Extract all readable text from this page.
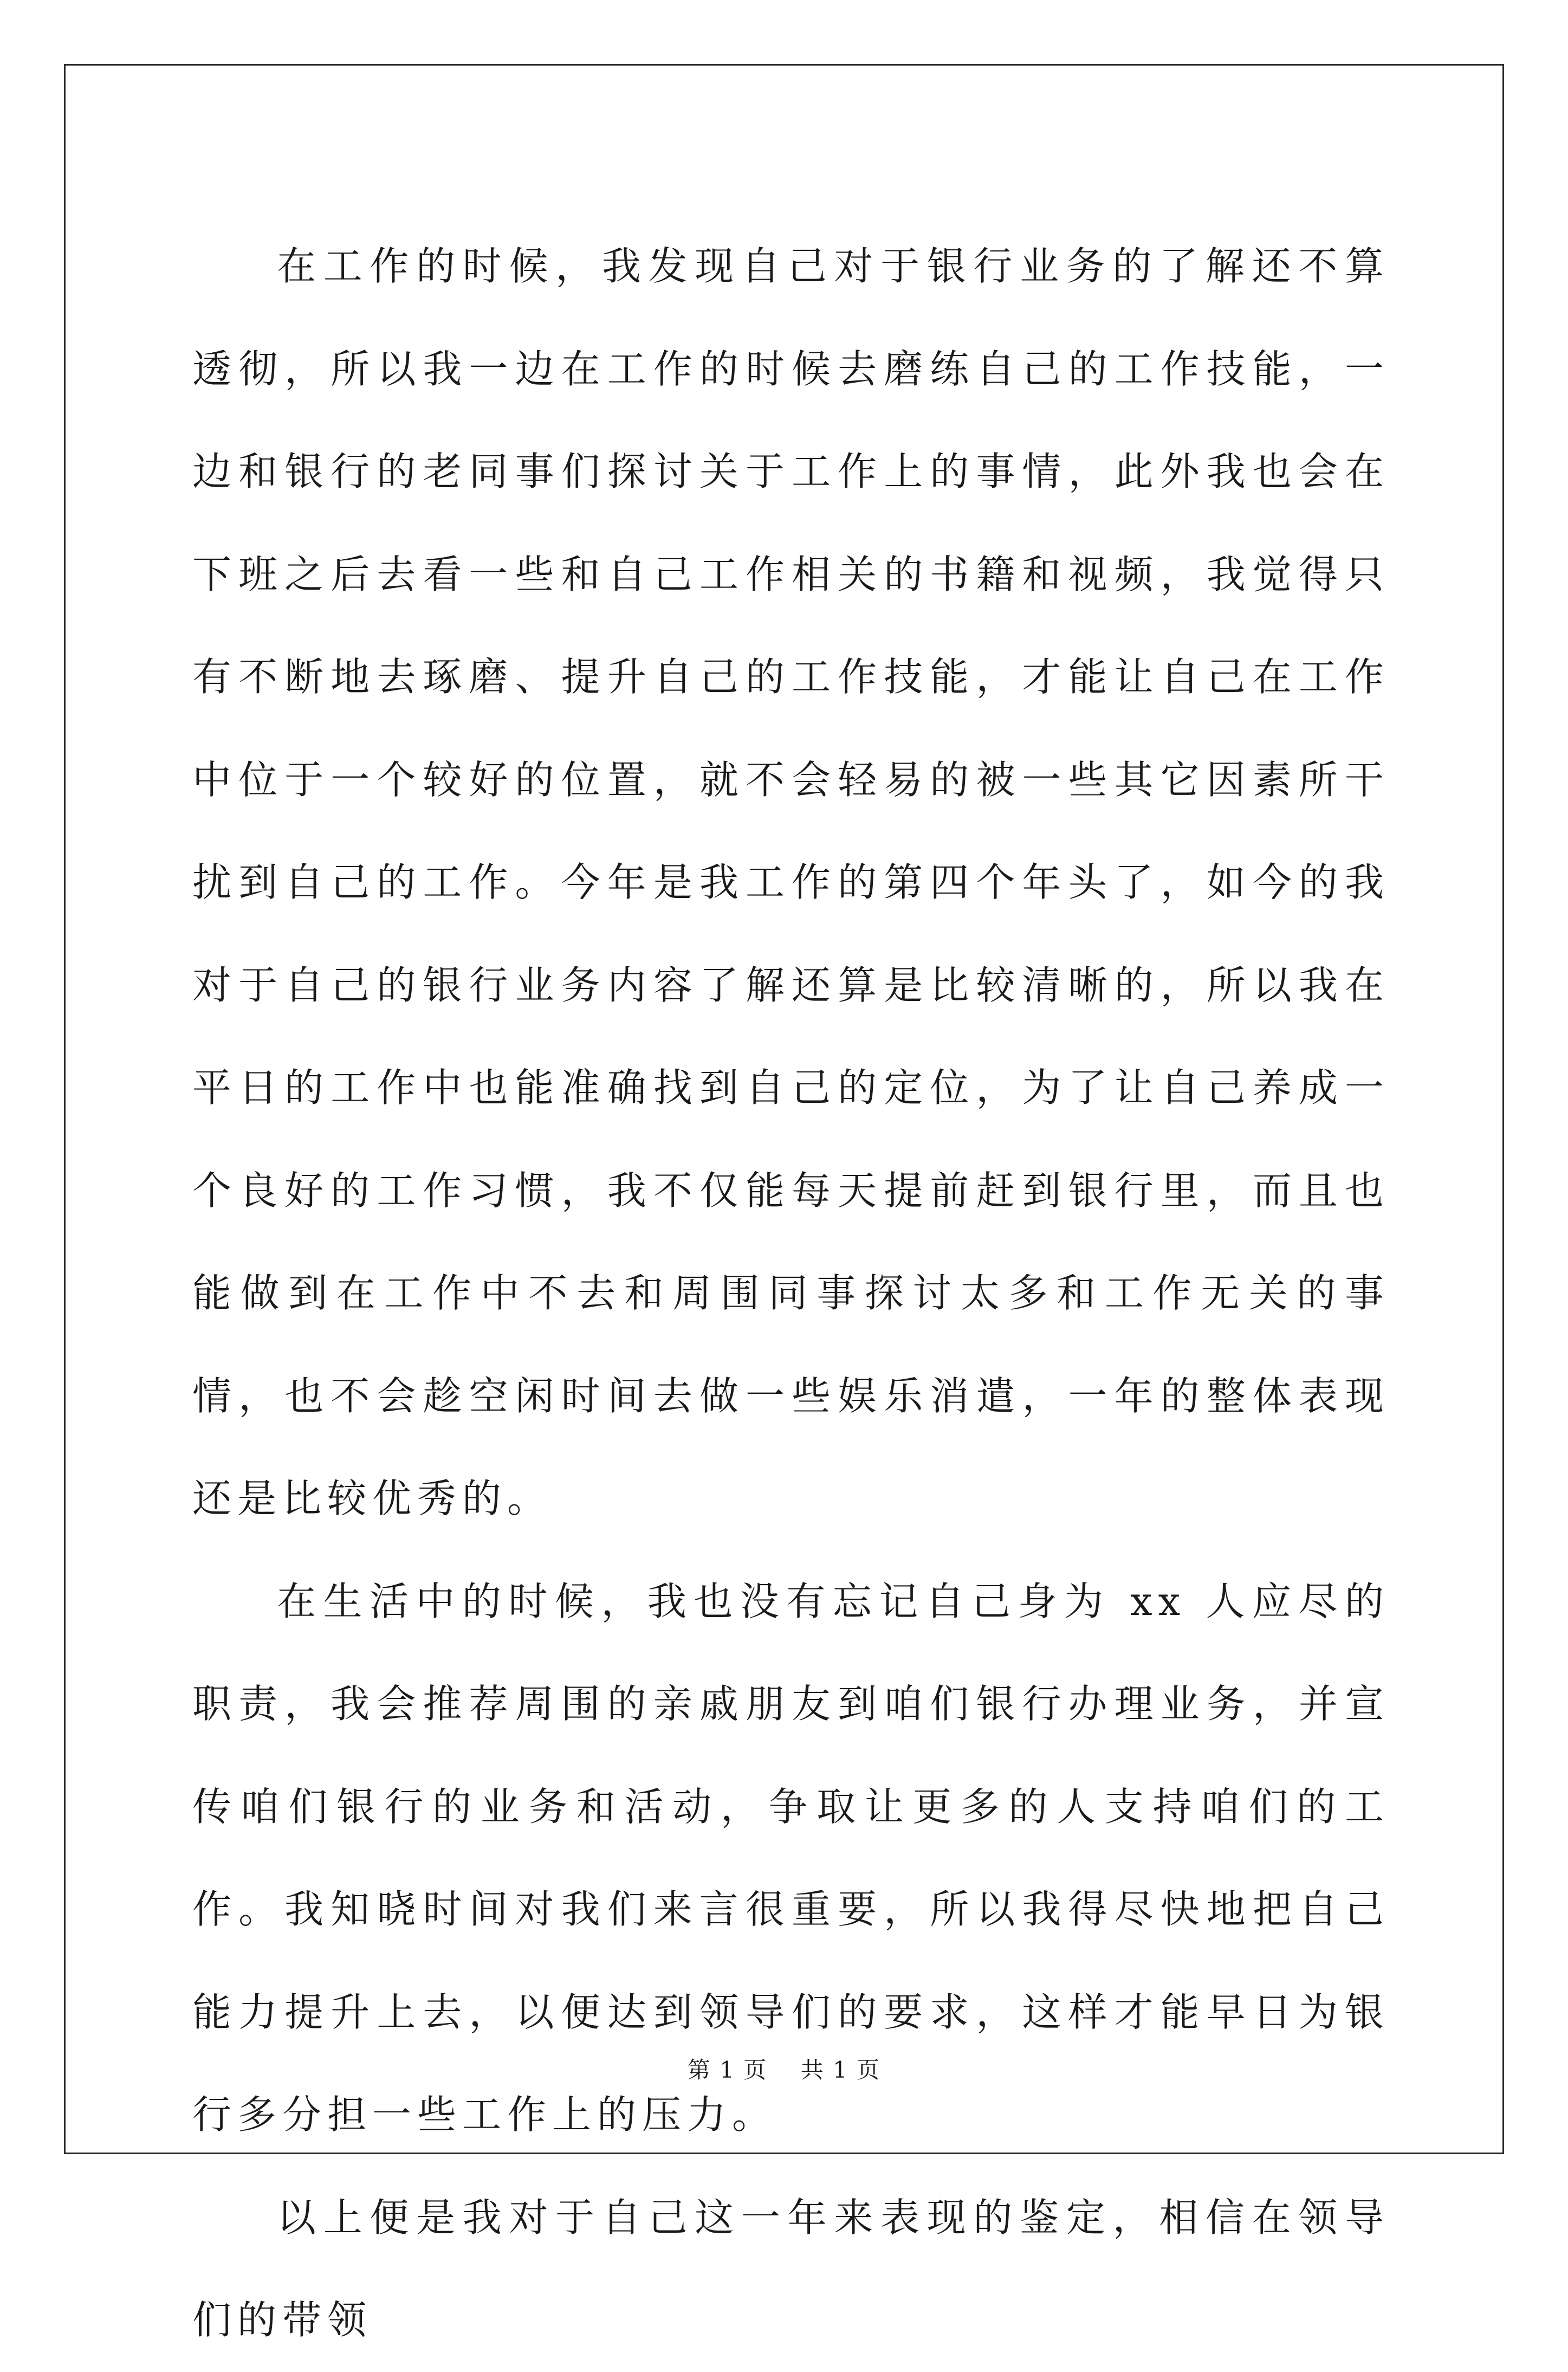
在工作的时候，我发现自己对于银行业务的了解还不算透彻，所以我一边在工作的时候去磨练自己的工作技能，一边和银行的老同事们探讨关于工作上的事情，此外我也会在下班之后去看一些和自己工作相关的书籍和视频，我觉得只有不断地去琢磨、提升自己的工作技能，才能让自己在工作中位于一个较好的位置，就不会轻易的被一些其它因素所干扰到自己的工作。今年是我工作的第四个年头了，如今的我对于自己的银行业务内容了解还算是比较清晰的，所以我在平日的工作中也能准确找到自己的定位，为了让自己养成一个良好的工作习惯，我不仅能每天提前赶到银行里，而且也能做到在工作中不去和周围同事探讨太多和工作无关的事情，也不会趁空闲时间去做一些娱乐消遣，一年的整体表现还是比较优秀的。

在生活中的时候，我也没有忘记自己身为 xx 人应尽的职责，我会推荐周围的亲戚朋友到咱们银行办理业务，并宣传咱们银行的业务和活动，争取让更多的人支持咱们的工作。我知晓时间对我们来言很重要，所以我得尽快地把自己能力提升上去，以便达到领导们的要求，这样才能早日为银行多分担一些工作上的压力。

以上便是我对于自己这一年来表现的鉴定，相信在领导们的带领

第 1 页 共 1 页
